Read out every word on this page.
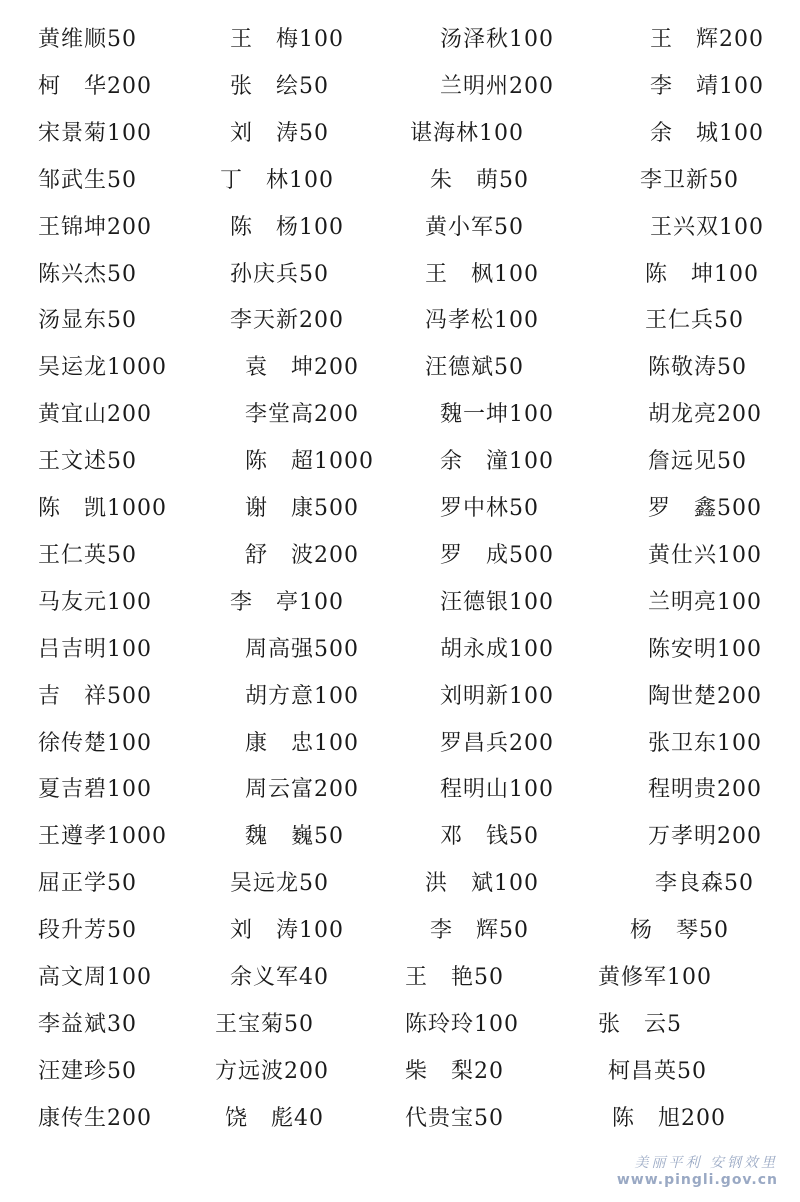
黄维顺50	王　梅100	汤泽秋100	王　辉200
柯　华200	张　绘50	兰明州200	李　靖100
宋景菊100	刘　涛50	谌海林100	余　城100
邹武生50	丁　林100	朱　萌50	李卫新50
王锦坤200	陈　杨100	黄小军50	王兴双100
陈兴杰50	孙庆兵50	王　枫100	陈　坤100
汤显东50	李天新200	冯孝松100	王仁兵50
吴运龙1000	袁　坤200	汪德斌50	陈敬涛50
黄宜山200	李堂高200	魏一坤100	胡龙亮200
王文述50	陈　超1000	余　潼100	詹远见50
陈　凯1000	谢　康500	罗中林50	罗　鑫500
王仁英50	舒　波200	罗　成500	黄仕兴100
马友元100	李　亭100	汪德银100	兰明亮100
吕吉明100	周高强500	胡永成100	陈安明100
吉　祥500	胡方意100	刘明新100	陶世楚200
徐传楚100	康　忠100	罗昌兵200	张卫东100
夏吉碧100	周云富200	程明山100	程明贵200
王遵孝1000	魏　巍50	邓　钱50	万孝明200
屈正学50	吴远龙50	洪　斌100	李良森50
段升芳50	刘　涛100	李　辉50	杨　琴50
高文周100	余义军40	王　艳50	黄修军100
李益斌30	王宝菊50	陈玲玲100	张　云5
汪建珍50	方远波200	柴　梨20	柯昌英50
康传生200	饶　彪40	代贵宝50	陈　旭200
美丽平利 安钢效里
www.pingli.gov.cn
